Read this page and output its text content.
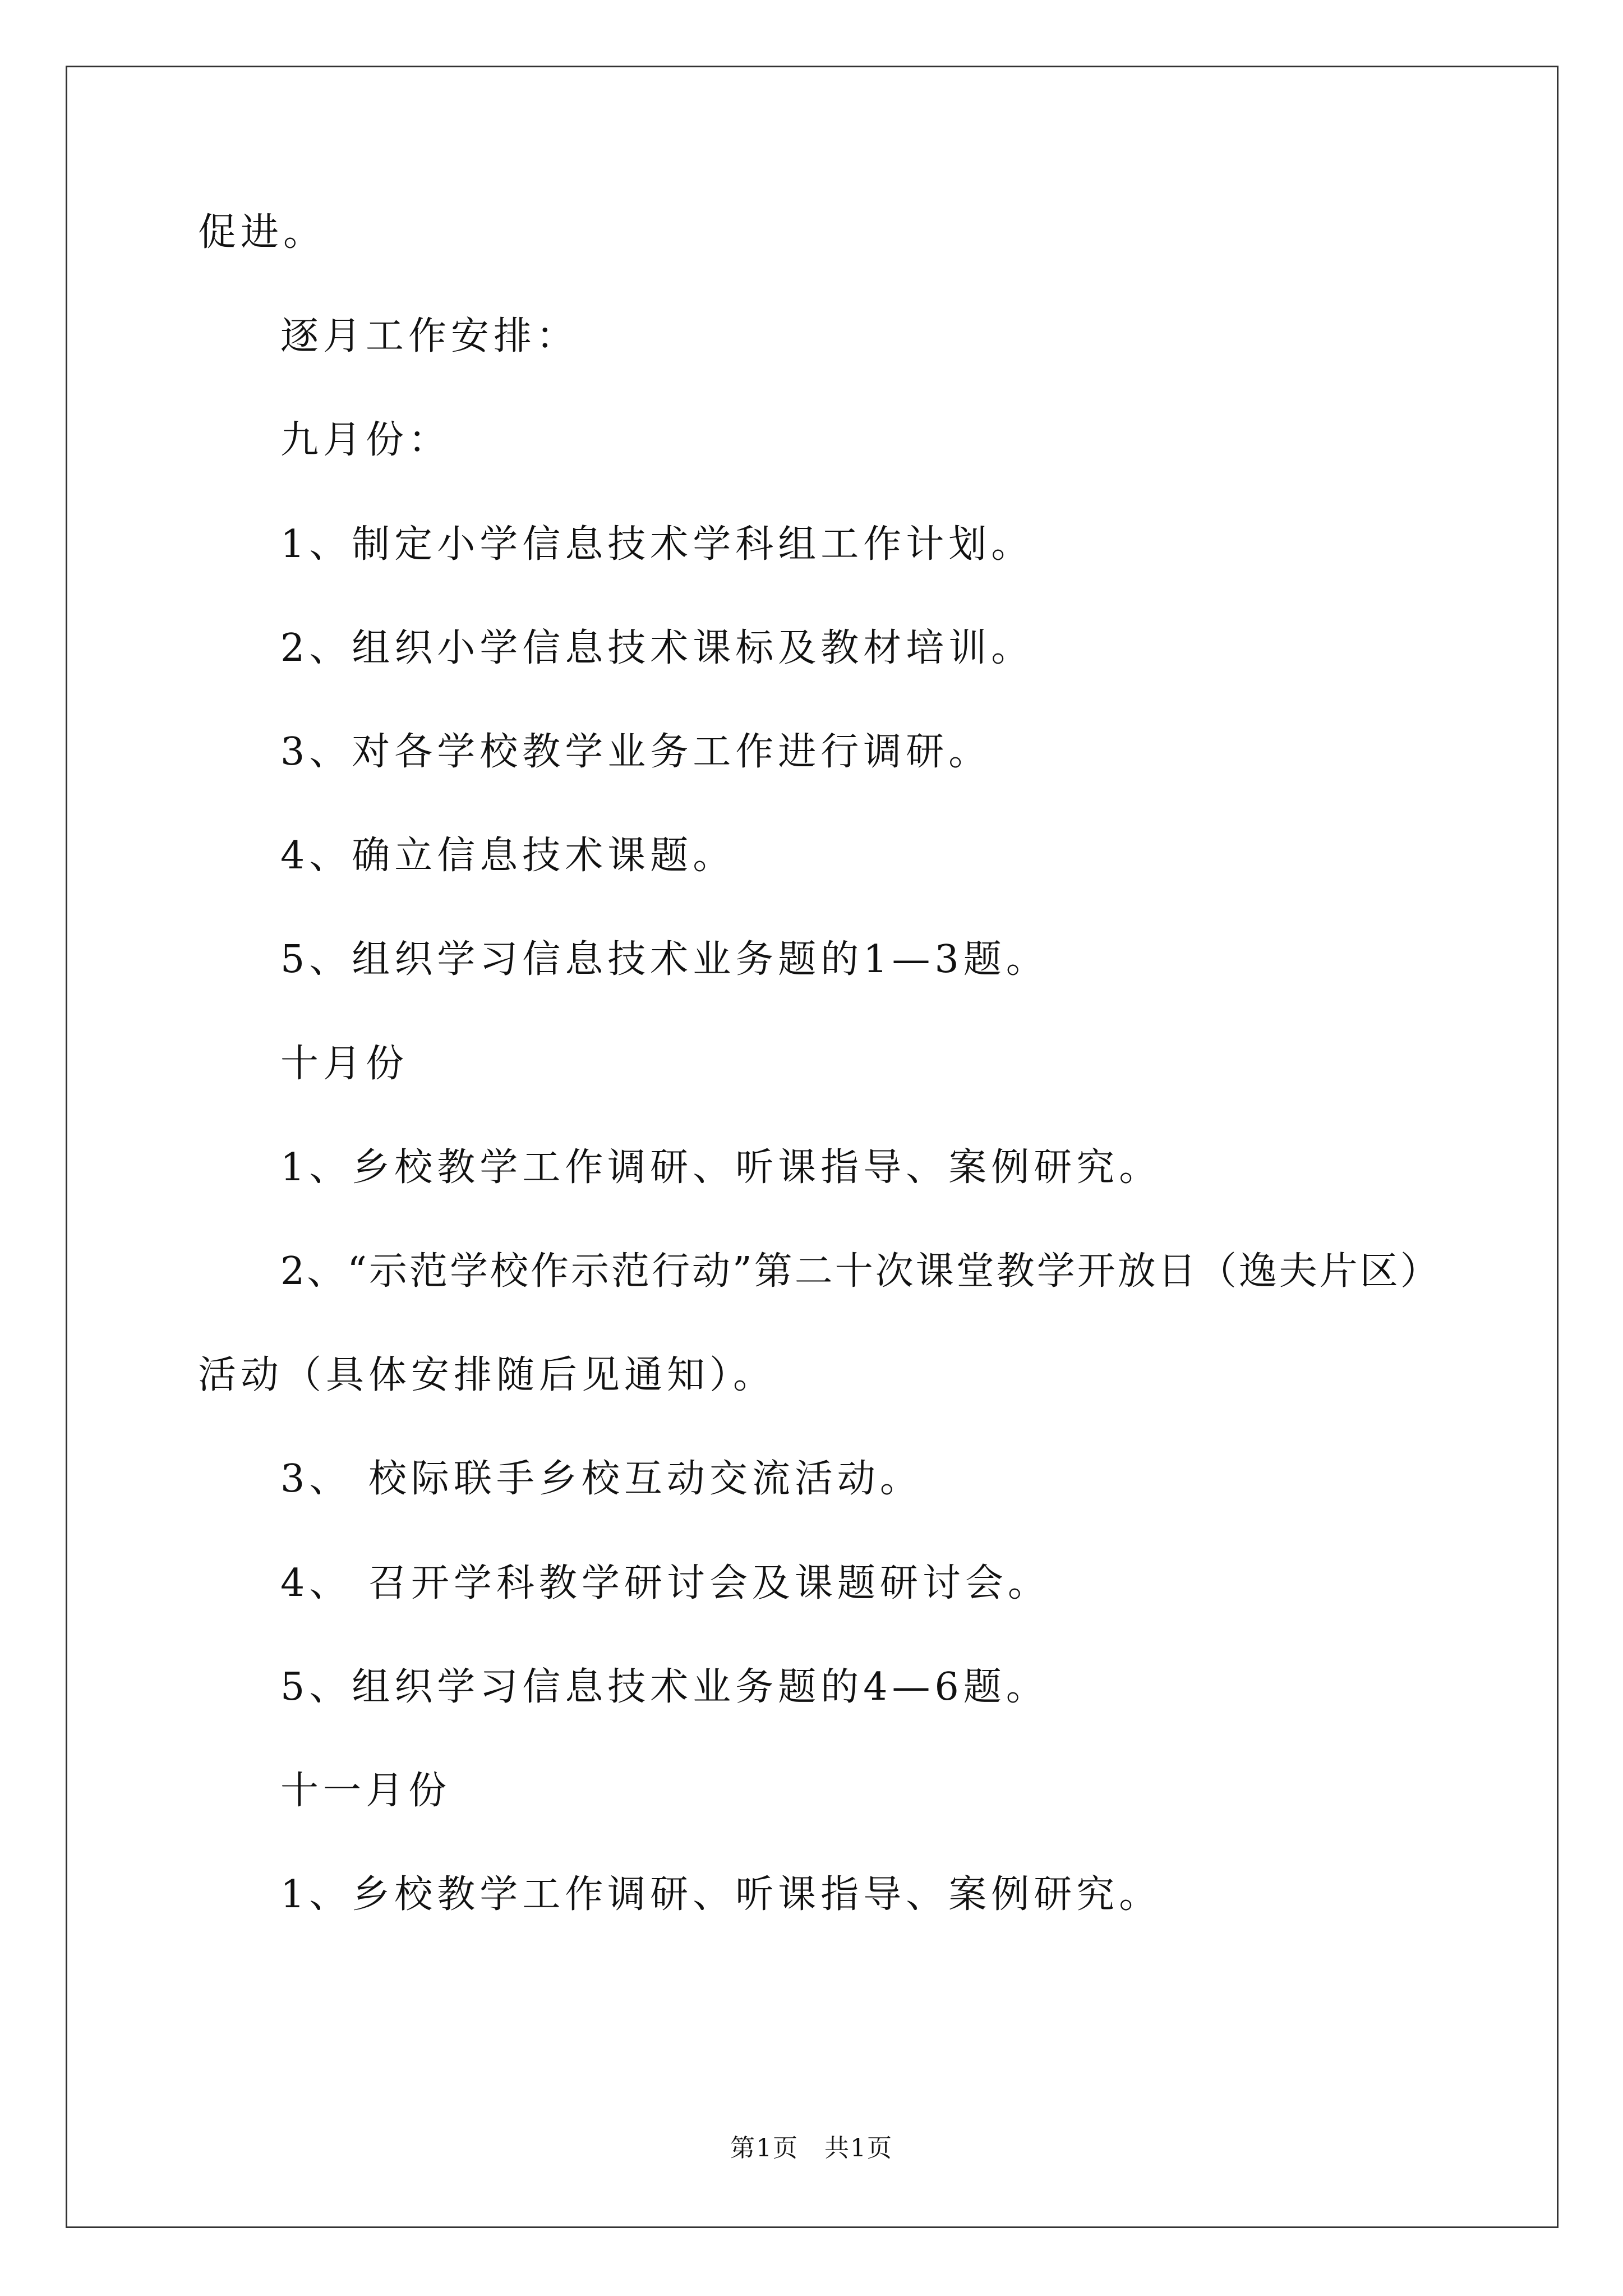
促进。
逐月工作安排：
九月份：
1、制定小学信息技术学科组工作计划。
2、组织小学信息技术课标及教材培训。
3、对各学校教学业务工作进行调研。
4、确立信息技术课题。
5、组织学习信息技术业务题的1—3题。
十月份
1、乡校教学工作调研、听课指导、案例研究。
2、“示范学校作示范行动”第二十次课堂教学开放日（逸夫片区）
活动（具体安排随后见通知）。
3、 校际联手乡校互动交流活动。
4、 召开学科教学研讨会及课题研讨会。
5、组织学习信息技术业务题的4—6题。
十一月份
1、乡校教学工作调研、听课指导、案例研究。
第1页　共1页
